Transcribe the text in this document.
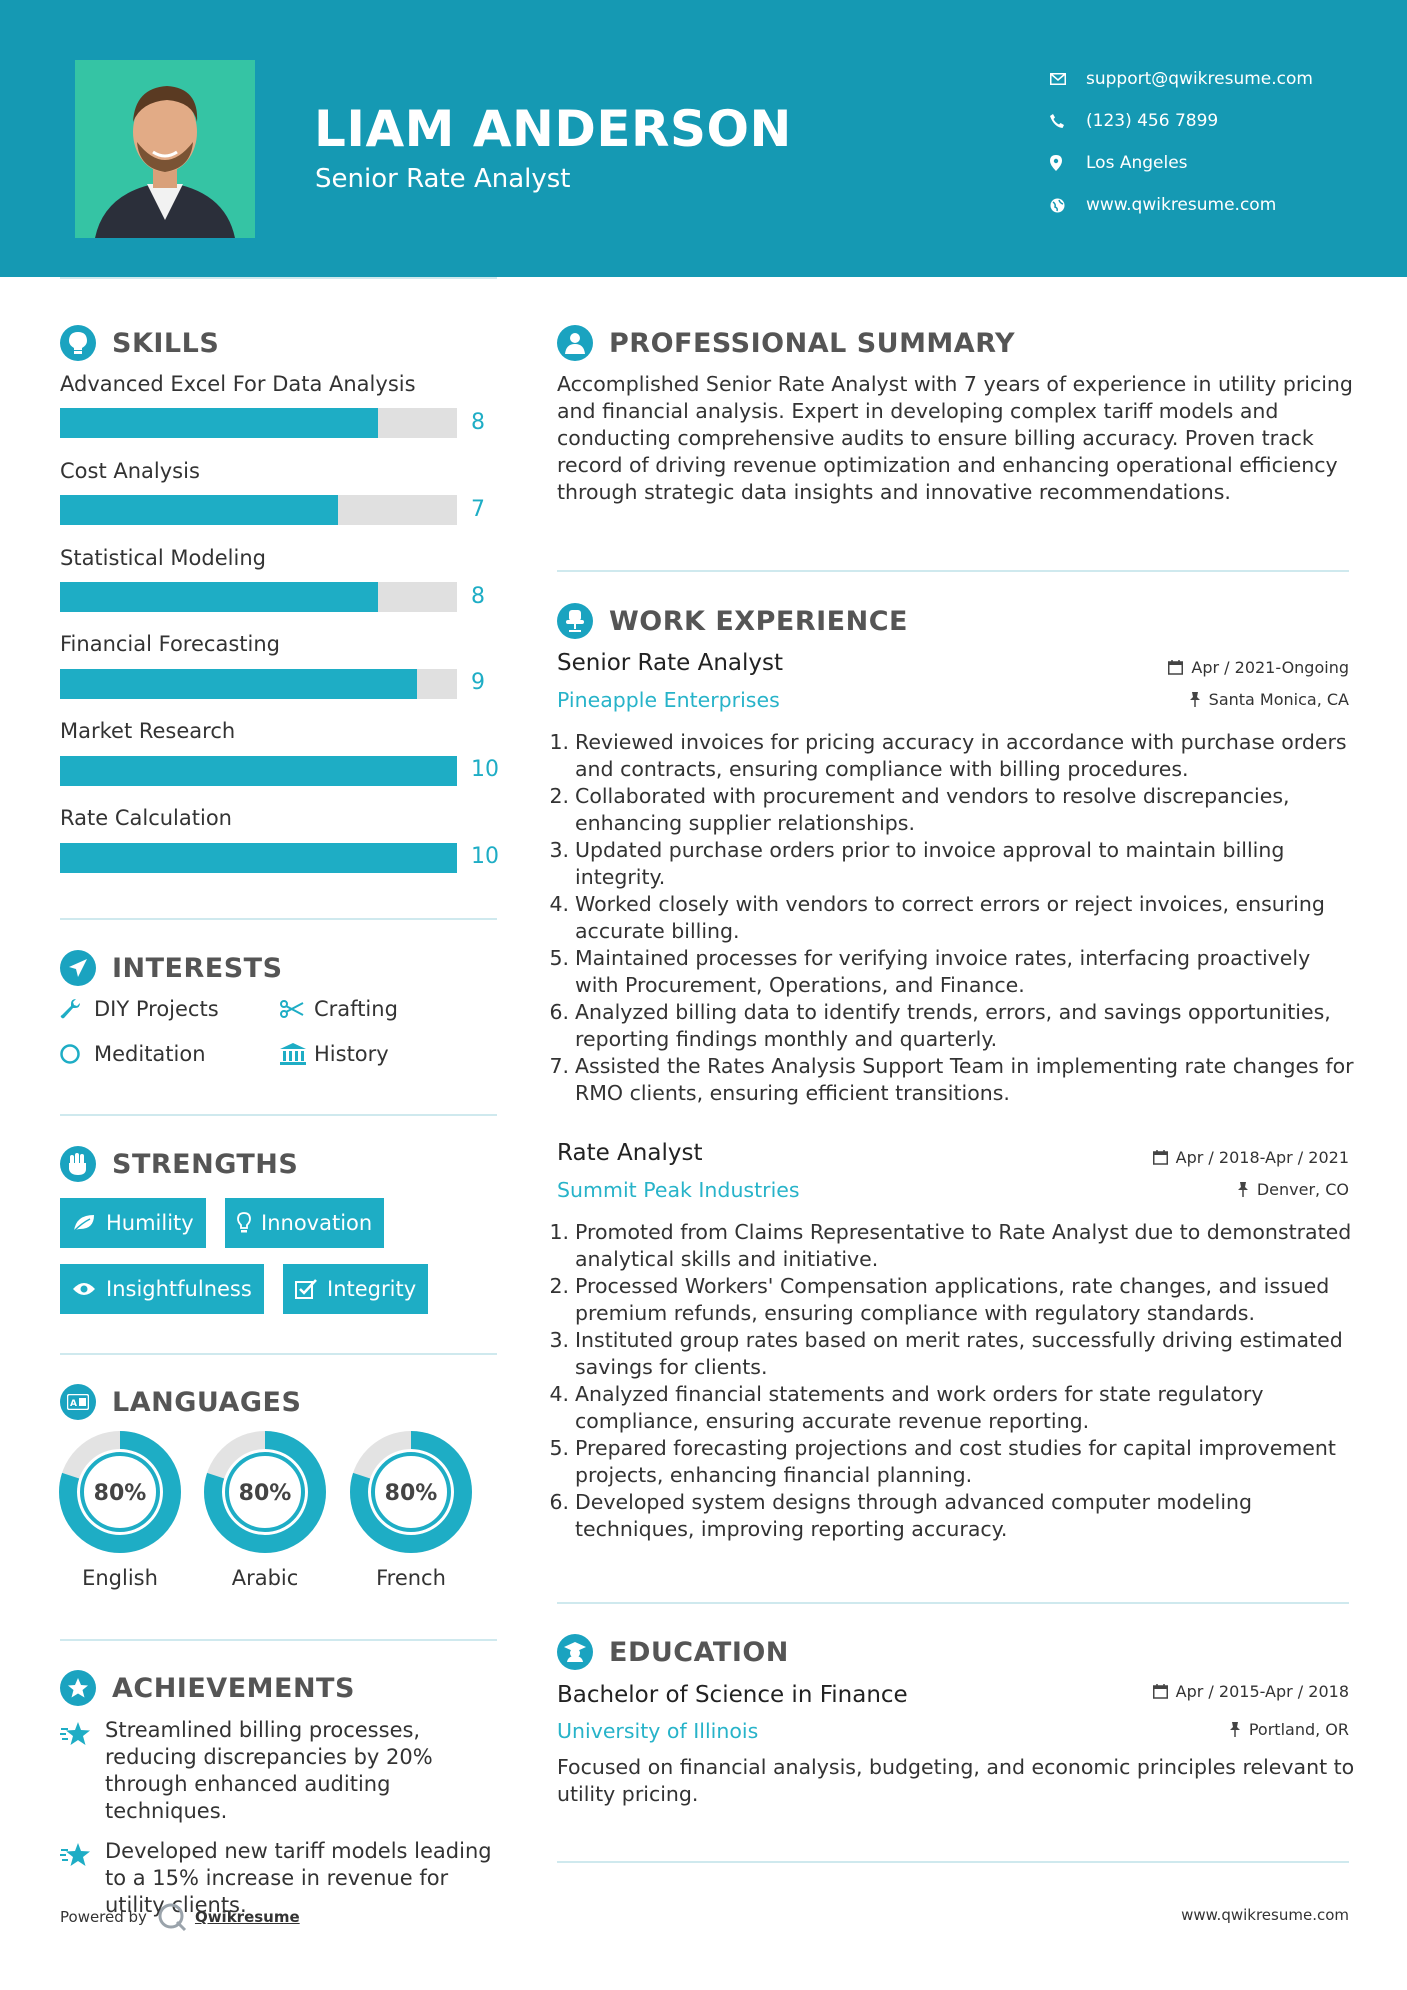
LIAM ANDERSON
Senior Rate Analyst
support@qwikresume.com
(123) 456 7899
Los Angeles
www.qwikresume.com
SKILLS
Advanced Excel For Data Analysis
8
Cost Analysis
7
Statistical Modeling
8
Financial Forecasting
9
Market Research
10
Rate Calculation
10
INTERESTS
DIY Projects	Crafting
Meditation	History
STRENGTHS
Humility	Innovation
Insightfulness	Integrity
A LANGUAGES
80%
English
80%
Arabic
80%
French
ACHIEVEMENTS
Streamlined billing processes, reducing discrepancies by 20% through enhanced auditing techniques.
Developed new tariff models leading to a 15% increase in revenue for utility clients.
PROFESSIONAL SUMMARY
Accomplished Senior Rate Analyst with 7 years of experience in utility pricing and financial analysis. Expert in developing complex tariff models and conducting comprehensive audits to ensure billing accuracy. Proven track record of driving revenue optimization and enhancing operational efficiency through strategic data insights and innovative recommendations.
WORK EXPERIENCE
Senior Rate Analyst	Apr / 2021-Ongoing
Pineapple Enterprises	Santa Monica, CA
1. Reviewed invoices for pricing accuracy in accordance with purchase orders and contracts, ensuring compliance with billing procedures.
2. Collaborated with procurement and vendors to resolve discrepancies, enhancing supplier relationships.
3. Updated purchase orders prior to invoice approval to maintain billing integrity.
4. Worked closely with vendors to correct errors or reject invoices, ensuring accurate billing.
5. Maintained processes for verifying invoice rates, interfacing proactively with Procurement, Operations, and Finance.
6. Analyzed billing data to identify trends, errors, and savings opportunities, reporting findings monthly and quarterly.
7. Assisted the Rates Analysis Support Team in implementing rate changes for RMO clients, ensuring efficient transitions.
Rate Analyst	Apr / 2018-Apr / 2021
Summit Peak Industries	Denver, CO
1. Promoted from Claims Representative to Rate Analyst due to demonstrated analytical skills and initiative.
2. Processed Workers' Compensation applications, rate changes, and issued premium refunds, ensuring compliance with regulatory standards.
3. Instituted group rates based on merit rates, successfully driving estimated savings for clients.
4. Analyzed financial statements and work orders for state regulatory compliance, ensuring accurate revenue reporting.
5. Prepared forecasting projections and cost studies for capital improvement projects, enhancing financial planning.
6. Developed system designs through advanced computer modeling techniques, improving reporting accuracy.
EDUCATION
Bachelor of Science in Finance	Apr / 2015-Apr / 2018
University of Illinois	Portland, OR
Focused on financial analysis, budgeting, and economic principles relevant to utility pricing.
Powered by	Qwikresume	www.qwikresume.com
